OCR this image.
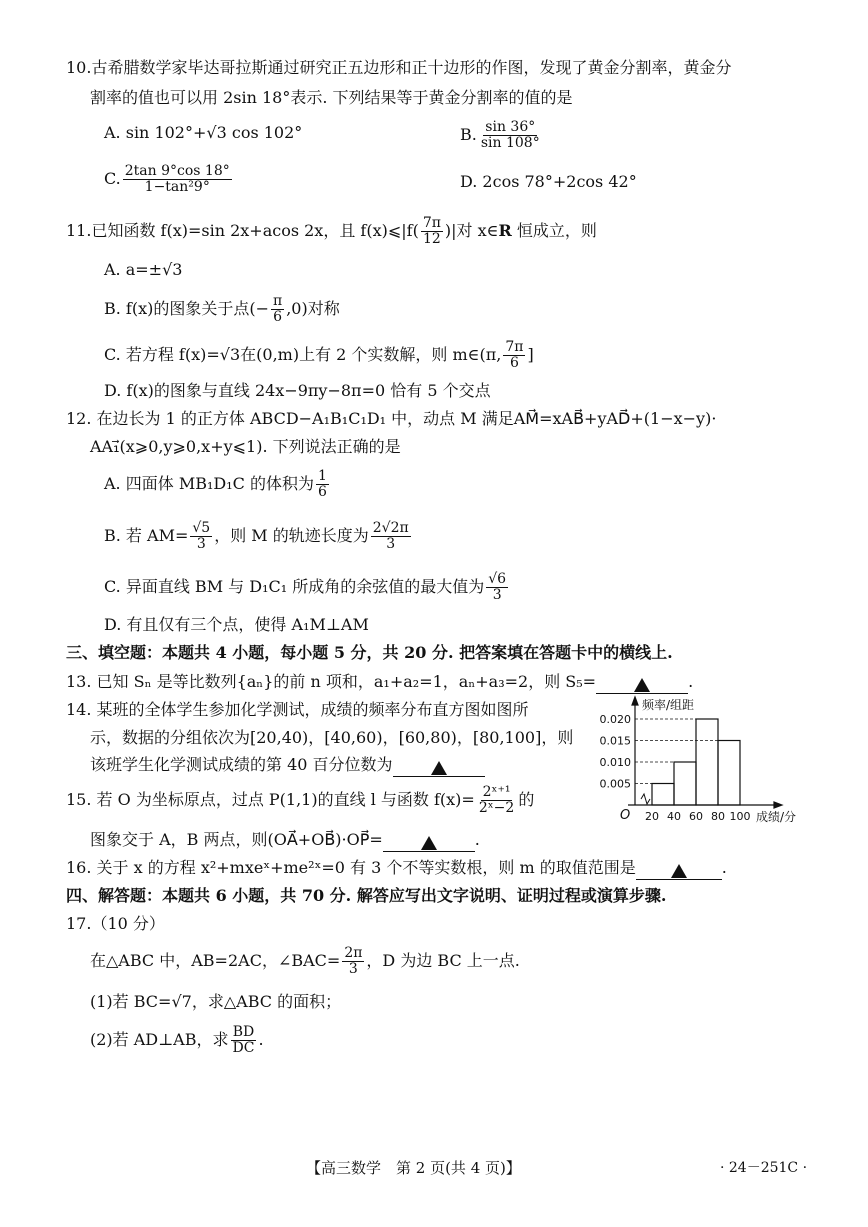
10.古希腊数学家毕达哥拉斯通过研究正五边形和正十边形的作图，发现了黄金分割率，黄金分
割率的值也可以用 2sin 18°表示. 下列结果等于黄金分割率的值的是
A. sin 102°+√3 cos 102°	B. $\frac{\sin 36^\circ}{\sin 108^\circ}$
C. $\frac{2\tan 9^\circ\cos 18^\circ}{\text{1−tan²9°}}$	D. 2cos 78°+2cos 42°
11.已知函数 f(x)=sin 2x+acos 2x，且 f(x)⩽|f( $\frac{7\pi}{12}$ )|对 x∈R 恒成立，则
A. a=±√3
B. f(x)的图象关于点(− $\frac{\pi}{6} ,0$)对称
C. 若方程 f(x)=√3在(0,m)上有 2 个实数解，则 m∈(π, $\frac{7\pi}{6}$ ]
D. f(x)的图象与直线 24x−9πy−8π=0 恰有 5 个交点
12. 在边长为 1 的正方体 ABCD−A₁B₁C₁D₁ 中，动点 M 满足AM⃗=xAB⃗+yAD⃗+(1−x−y)·
AA₁⃗(x⩾0,y⩾0,x+y⩽1). 下列说法正确的是
A. 四面体 MB₁D₁C 的体积为 $\frac{1}{6}$
B. 若 $AM= \frac{√5}{3}$ ，则 M 的轨迹长度为 $\frac{2√2\pi}{3}$
C. 异面直线 BM 与 D₁C₁ 所成角的余弦值的最大值为 $\frac{√6}{3}$
D. 有且仅有三个点，使得 A₁M⊥AM
三、填空题：本题共 4 小题，每小题 5 分，共 20 分. 把答案填在答题卡中的横线上.
13. 已知 Sₙ 是等比数列{aₙ}的前 n 项和，a₁+a₂=1，aₙ+a₃=2，则 S₅=	.
14. 某班的全体学生参加化学测试，成绩的频率分布直方图如图所
示，数据的分组依次为[20,40)，[40,60)，[60,80)，[80,100]，则
该班学生化学测试成绩的第 40 百分位数为
0.005
0.010
0.015
0.020
20 40 60 80 100
频率/组距
成绩/分
O
15. 若 O 为坐标原点，过点 P(1,1)的直线 l 与函数 $f(x)= \frac{\text{2ˣ⁺¹}}{\text{2ˣ−2}}$ 的
图象交于 A，B 两点，则(OA⃗+OB⃗)·OP⃗=	.
16. 关于 x 的方程 x²+mxeˣ+me²ˣ=0 有 3 个不等实数根，则 m 的取值范围是	.
四、解答题：本题共 6 小题，共 70 分. 解答应写出文字说明、证明过程或演算步骤.
17.（10 分）
在△ABC 中，AB=2AC，∠BAC= $\frac{2\pi}{3}$ ，D 为边 BC 上一点.
(1)若 BC=√7，求△ABC 的面积；
(2)若 AD⊥AB，求 $\frac{BD}{DC}$ .
【高三数学　第 2 页(共 4 页)】	· 24－251C ·
